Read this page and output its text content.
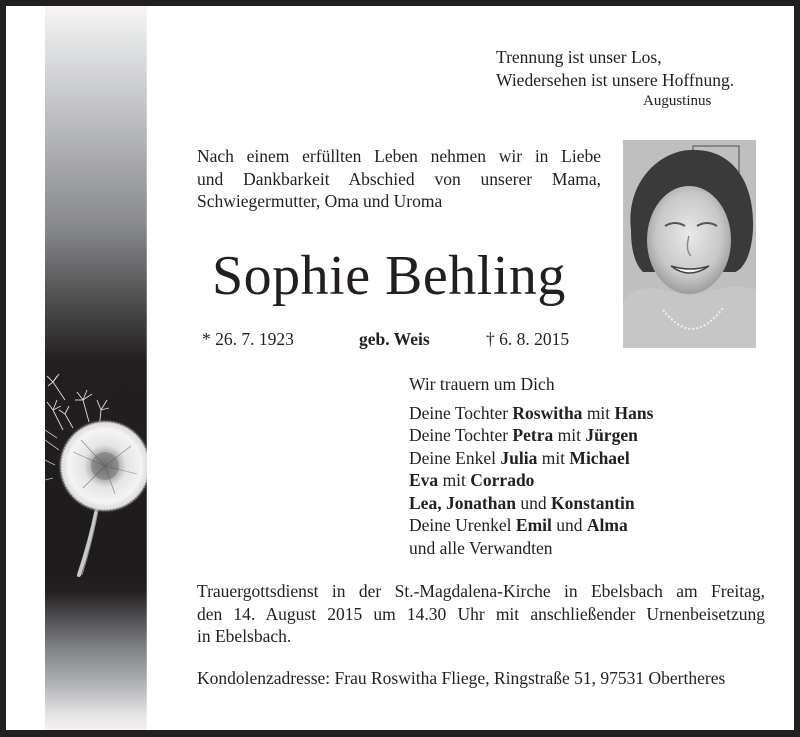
Trennung ist unser Los,
Wiedersehen ist unsere Hoffnung.
Augustinus
Nach einem erfüllten Leben nehmen wir in Liebe
und Dankbarkeit Abschied von unserer Mama,
Schwiegermutter, Oma und Uroma
Sophie Behling
* 26. 7. 1923	geb. Weis	† 6. 8. 2015
Wir trauern um Dich
Deine Tochter Roswitha mit Hans
Deine Tochter Petra mit Jürgen
Deine Enkel Julia mit Michael
Eva mit Corrado
Lea, Jonathan und Konstantin
Deine Urenkel Emil und Alma
und alle Verwandten
Trauergottsdienst in der St.-Magdalena-Kirche in Ebelsbach am Freitag,
den 14. August 2015 um 14.30 Uhr mit anschließender Urnenbeisetzung
in Ebelsbach.
Kondolenzadresse: Frau Roswitha Fliege, Ringstraße 51, 97531 Obertheres
